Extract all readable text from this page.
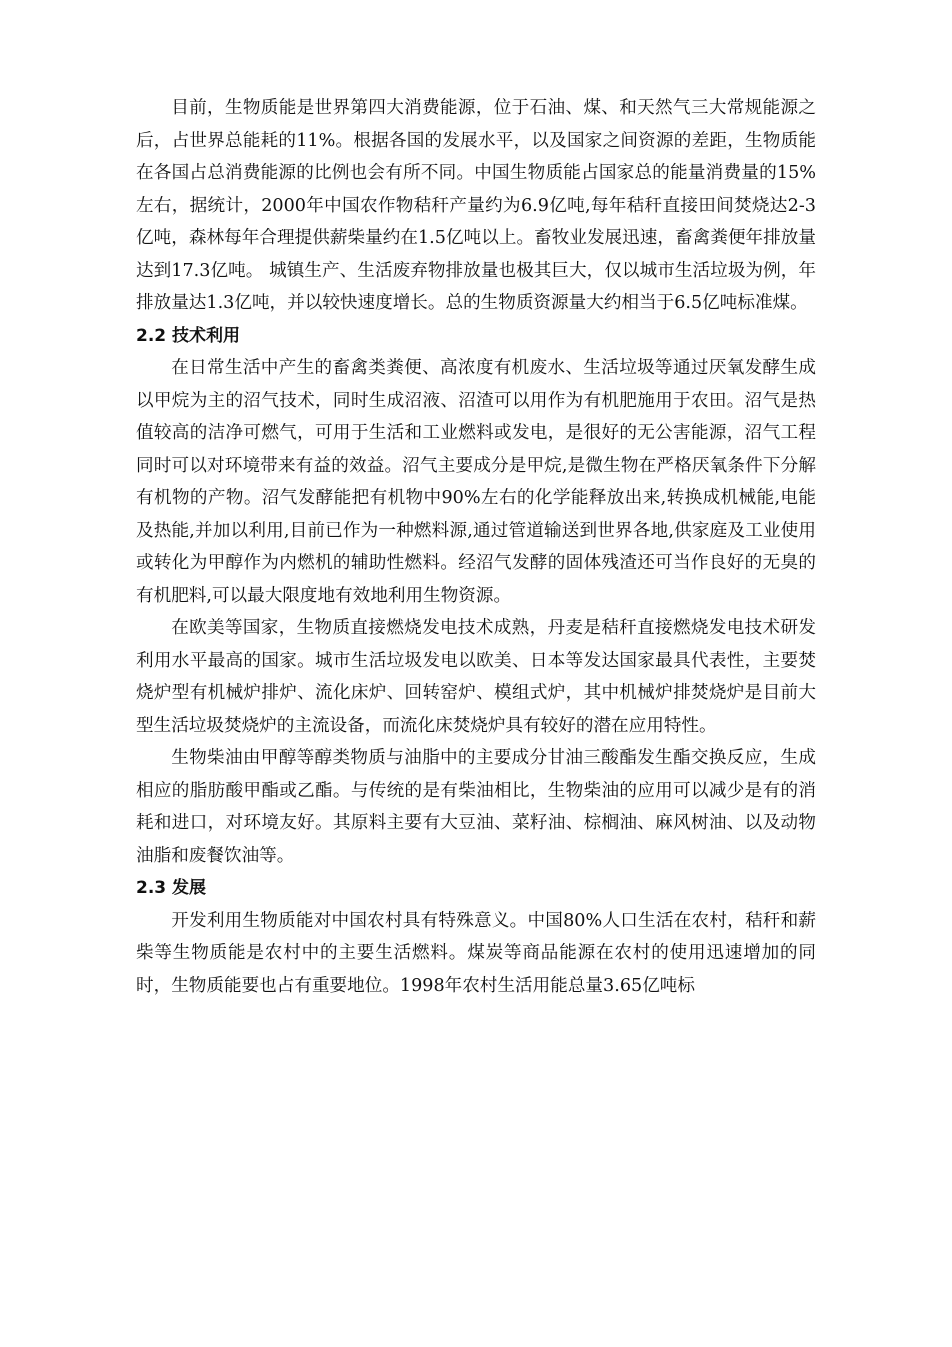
目前，生物质能是世界第四大消费能源，位于石油、煤、和天然气三大常规能源之后，占世界总能耗的11%。根据各国的发展水平，以及国家之间资源的差距，生物质能在各国占总消费能源的比例也会有所不同。中国生物质能占国家总的能量消费量的15%左右，据统计，2000年中国农作物秸秆产量约为6.9亿吨,每年秸秆直接田间焚烧达2-3亿吨，森林每年合理提供薪柴量约在1.5亿吨以上。畜牧业发展迅速，畜禽粪便年排放量达到17.3亿吨。 城镇生产、生活废弃物排放量也极其巨大，仅以城市生活垃圾为例，年排放量达1.3亿吨，并以较快速度增长。总的生物质资源量大约相当于6.5亿吨标准煤。

2.2 技术利用

在日常生活中产生的畜禽类粪便、高浓度有机废水、生活垃圾等通过厌氧发酵生成以甲烷为主的沼气技术，同时生成沼液、沼渣可以用作为有机肥施用于农田。沼气是热值较高的洁净可燃气，可用于生活和工业燃料或发电，是很好的无公害能源，沼气工程同时可以对环境带来有益的效益。沼气主要成分是甲烷,是微生物在严格厌氧条件下分解有机物的产物。沼气发酵能把有机物中90%左右的化学能释放出来,转换成机械能,电能及热能,并加以利用,目前已作为一种燃料源,通过管道输送到世界各地,供家庭及工业使用或转化为甲醇作为内燃机的辅助性燃料。经沼气发酵的固体残渣还可当作良好的无臭的有机肥料,可以最大限度地有效地利用生物资源。

在欧美等国家，生物质直接燃烧发电技术成熟，丹麦是秸秆直接燃烧发电技术研发利用水平最高的国家。城市生活垃圾发电以欧美、日本等发达国家最具代表性，主要焚烧炉型有机械炉排炉、流化床炉、回转窑炉、模组式炉，其中机械炉排焚烧炉是目前大型生活垃圾焚烧炉的主流设备，而流化床焚烧炉具有较好的潜在应用特性。

生物柴油由甲醇等醇类物质与油脂中的主要成分甘油三酸酯发生酯交换反应，生成相应的脂肪酸甲酯或乙酯。与传统的是有柴油相比，生物柴油的应用可以减少是有的消耗和进口，对环境友好。其原料主要有大豆油、菜籽油、棕榈油、麻风树油、以及动物油脂和废餐饮油等。

2.3 发展

开发利用生物质能对中国农村具有特殊意义。中国80%人口生活在农村，秸秆和薪柴等生物质能是农村中的主要生活燃料。煤炭等商品能源在农村的使用迅速增加的同时，生物质能要也占有重要地位。1998年农村生活用能总量3.65亿吨标
